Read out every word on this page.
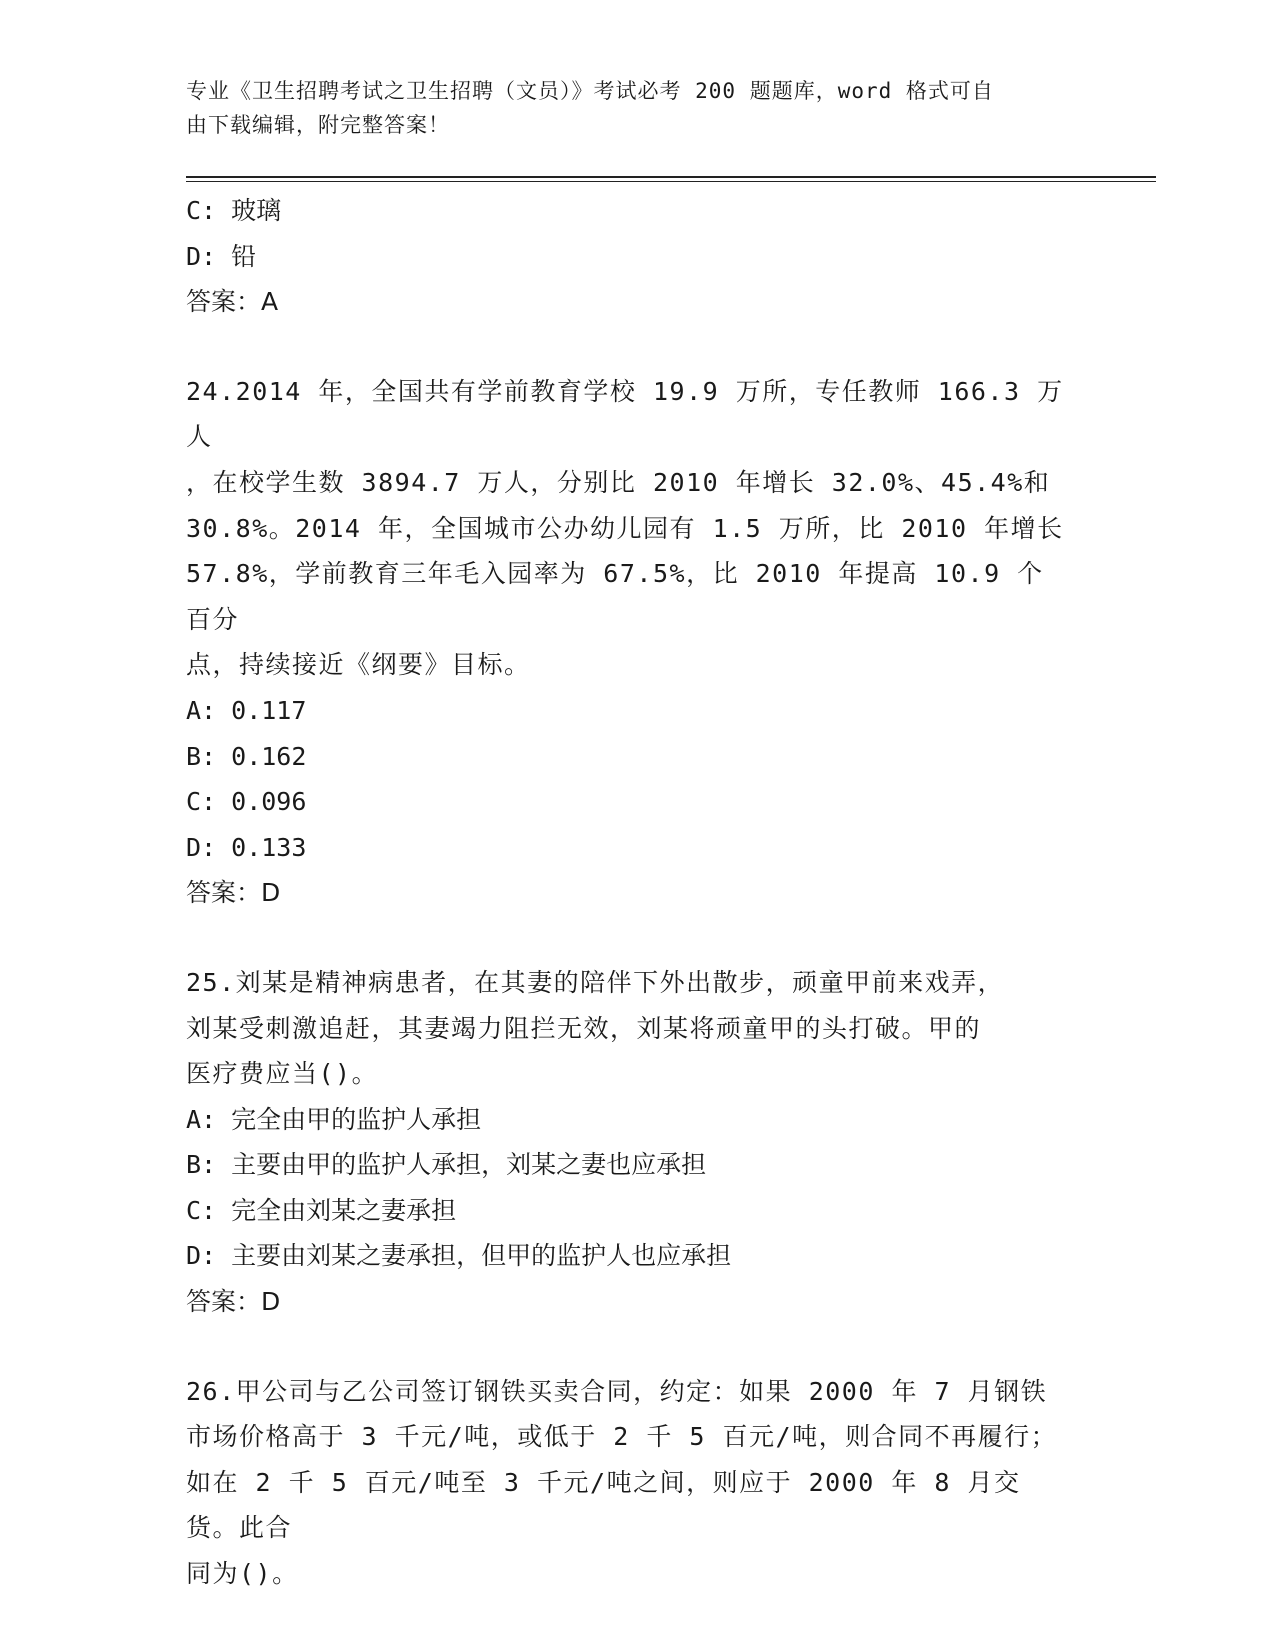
专业《卫生招聘考试之卫生招聘（文员）》考试必考 200 题题库，word 格式可自
由下载编辑，附完整答案！
C: 玻璃
D: 铅
答案：A
24.2014 年，全国共有学前教育学校 19.9 万所，专任教师 166.3 万人
，在校学生数 3894.7 万人，分别比 2010 年增长 32.0%、45.4%和
30.8%。2014 年，全国城市公办幼儿园有 1.5 万所，比 2010 年增长
57.8%，学前教育三年毛入园率为 67.5%，比 2010 年提高 10.9 个百分
点，持续接近《纲要》目标。
A: 0.117
B: 0.162
C: 0.096
D: 0.133
答案：D
25.刘某是精神病患者，在其妻的陪伴下外出散步，顽童甲前来戏弄，
刘某受刺激追赶，其妻竭力阻拦无效，刘某将顽童甲的头打破。甲的
医疗费应当()。
A: 完全由甲的监护人承担
B: 主要由甲的监护人承担，刘某之妻也应承担
C: 完全由刘某之妻承担
D: 主要由刘某之妻承担，但甲的监护人也应承担
答案：D
26.甲公司与乙公司签订钢铁买卖合同，约定：如果 2000 年 7 月钢铁
市场价格高于 3 千元/吨，或低于 2 千 5 百元/吨，则合同不再履行；
如在 2 千 5 百元/吨至 3 千元/吨之间，则应于 2000 年 8 月交货。此合
同为()。
